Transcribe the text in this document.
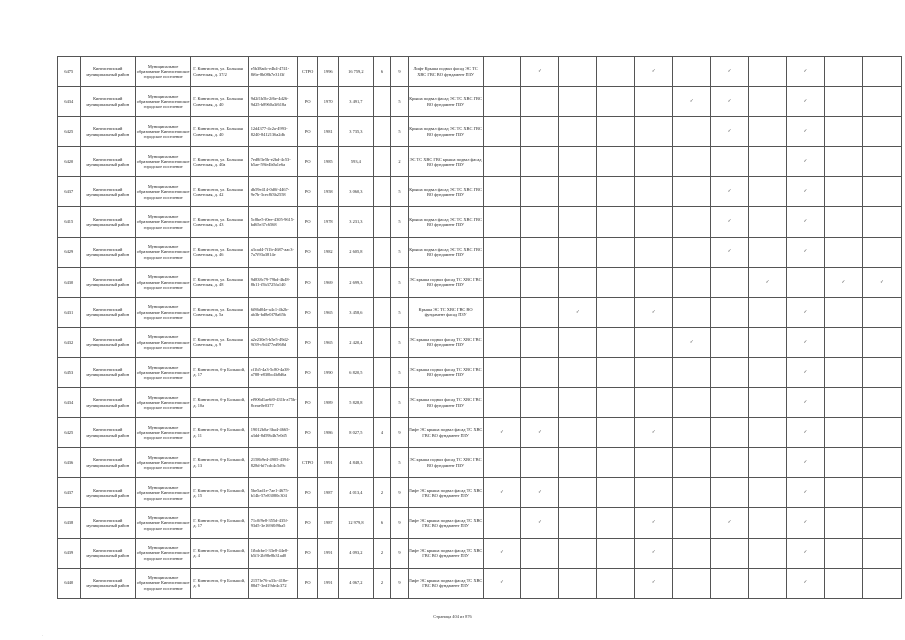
6475	Кингисеппский муниципальный район	Муниципальное образование Кингисеппское городское поселение	Г. Кингисепп, ул. Большая Советская, д. 37/2	e5b38adc-e4b4-4741-8f6e-8b08b7e31f3f	СТРО	1996	16 759,2	6	9	Лифт Крыша подвал фасад ЭС ТС ХВС ГВС ВО фундамент ПЗУ		✓			✓		✓		✓		
6434	Кингисеппский муниципальный район	Муниципальное образование Кингисеппское городское поселение	Г. Кингисепп, ул. Большая Советская, д. 40	9d2f1b5b-2f6e-4d26-9d25-b8960a3f618a	РО	1970	3 491,7		5	Крыша подвал фасад ЭС ТС ХВС ГВС ВО фундамент ПЗУ						✓	✓		✓		
6425	Кингисеппский муниципальный район	Муниципальное образование Кингисеппское городское поселение	Г. Кингисепп, ул. Большая Советская, д. 40	12d4377-4c2a-4993-8240-8412136a2db	РО	1981	3 735,3		5	Крыша подвал фасад ЭС ТС ХВС ГВС ВО фундамент ПЗУ							✓		✓		
6420	Кингисеппский муниципальный район	Муниципальное образование Кингисеппское городское поселение	Г. Кингисепп, ул. Большая Советская, д. 40а	7ed8f3e5b-e2bd-4c53-b5ae-59fe4b0a1e6a	РО	1985	593,4		2	ЭС ТС ХВС ГВС крыша подвал фасад ВО фундамент ПЗУ									✓		
6437	Кингисеппский муниципальный район	Муниципальное образование Кингисеппское городское поселение	Г. Кингисепп, ул. Большая Советская, д. 42	db59e414-0d0f-4467-9e7b-3cec8f3b2558	РО	1958	3 060,3		5	Крыша подвал фасад ЭС ТС ХВС ГВС ВО фундамент ПЗУ							✓		✓		
6415	Кингисеппский муниципальный район	Муниципальное образование Кингисеппское городское поселение	Г. Кингисепп, ул. Большая Советская, д. 43	5c8be5-f0ee-4305-9615-bd65e37c6568	РО	1978	3 231,3		5	Крыша подвал фасад ЭС ТС ХВС ГВС ВО фундамент ПЗУ							✓		✓		
6429	Кингисеппский муниципальный район	Муниципальное образование Кингисеппское городское поселение	Г. Кингисепп, ул. Большая Советская, д. 46	a3cad4-7f1b-4687-aac3-7a7f93a3814e	РО	1982	2 605,8		5	Крыша подвал фасад ЭС ТС ХВС ГВС ВО фундамент ПЗУ							✓		✓		
6430	Кингисеппский муниципальный район	Муниципальное образование Кингисеппское городское поселение	Г. Кингисепп, ул. Большая Советская, д. 48	9d838c79-79bd-4b48-8b11-f5b3725fa140	РО	1969	2 699,3		5	ЭС крыша подвал фасад ТС ХВС ГВС ВО фундамент ПЗУ								✓		✓	✓
6431	Кингисеппский муниципальный район	Муниципальное образование Кингисеппское городское поселение	Г. Кингисепп, ул. Большая Советская, д. 5а	6f86d04e-a4c1-4b2b-ab3b-bd8e0f78a65b	РО	1965	3 458,6		5	Крыша ЭС ТС ХВС ГВС ВО фундамент фасад ПЗУ			✓		✓				✓		
6432	Кингисеппский муниципальный район	Муниципальное образование Кингисеппское городское поселение	Г. Кингисепп, ул. Большая Советская, д. 9	a2e230e5-b5e5-49d2-9f39-c9d477ed968d	РО	1965	2 420,4		5	ЭС крыша подвал фасад ТС ХВС ГВС ВО фундамент ПЗУ						✓			✓		
6453	Кингисеппский муниципальный район	Муниципальное образование Кингисеппское городское поселение	Г. Кингисепп, б-р Большой, д. 17	cf1b5-4a3-5c80-4a38-a788-e830bc4b8d6a	РО	1990	6 820,5		5	ЭС крыша подвал фасад ТС ХВС ГВС ВО фундамент ПЗУ									✓		
6434	Кингисеппский муниципальный район	Муниципальное образование Кингисеппское городское поселение	Г. Кингисепп, б-р Большой, д. 10а	ef906d1ae6f0-431b-a75b-8ceae0e0377	РО	1989	5 828,8		5	ЭС крыша подвал фасад ТС ХВС ГВС ВО фундамент ПЗУ									✓		
6425	Кингисеппский муниципальный район	Муниципальное образование Кингисеппское городское поселение	Г. Кингисепп, б-р Большой, д. 11	19012b0a-3ba4-4665-a3dd-8d59b4b7e0d5	РО	1986	8 027,5	4	9	Лифт ЭС крыша подвал фасад ТС ХВС ГВС ВО фундамент ПЗУ	✓	✓			✓				✓		
6436	Кингисеппский муниципальный район	Муниципальное образование Кингисеппское городское поселение	Г. Кингисепп, б-р Большой, д. 13	2158b9e4-4905-4394-828d-bf7cdc4c5d9c	СТРО	1991	4 848,3		5	ЭС крыша подвал фасад ТС ХВС ГВС ВО фундамент ПЗУ									✓		
6437	Кингисеппский муниципальный район	Муниципальное образование Кингисеппское городское поселение	Г. Кингисепп, б-р Большой, д. 15	5be5ad1e-7ae1-4675-b14b-57e83080c304	РО	1987	4 013,4	2	9	Лифт ЭС крыша подвал фасад ТС ХВС ГВС ВО фундамент ПЗУ	✓	✓							✓		
6438	Кингисеппский муниципальный район	Муниципальное образование Кингисеппское городское поселение	Г. Кингисепп, б-р Большой, д. 17	71c0f9e8-355d-435f-93d5-3e169f0f9ba5	РО	1987	12 979,8	6	9	Лифт ЭС крыша подвал фасад ТС ХВС ГВС ВО фундамент ПЗУ		✓			✓		✓		✓		
6439	Кингисеппский муниципальный район	Муниципальное образование Кингисеппское городское поселение	Г. Кингисепп, б-р Большой, д. 4	1fbdcbe1-33e8-44e8-b5f3-2b98e8b31ad0	РО	1991	4 093,2	2	9	Лифт ЭС крыша подвал фасад ТС ХВС ГВС ВО фундамент ПЗУ	✓				✓				✓		
6440	Кингисеппский муниципальный район	Муниципальное образование Кингисеппское городское поселение	Г. Кингисепп, б-р Большой, д. 6	2157fe76-a33c-418e-88d7-3ed19de4c372	РО	1991	4 067,2	2	9	Лифт ЭС крыша подвал фасад ТС ХВС ГВС ВО фундамент ПЗУ	✓				✓				✓		
Страница 404 из 876
.
